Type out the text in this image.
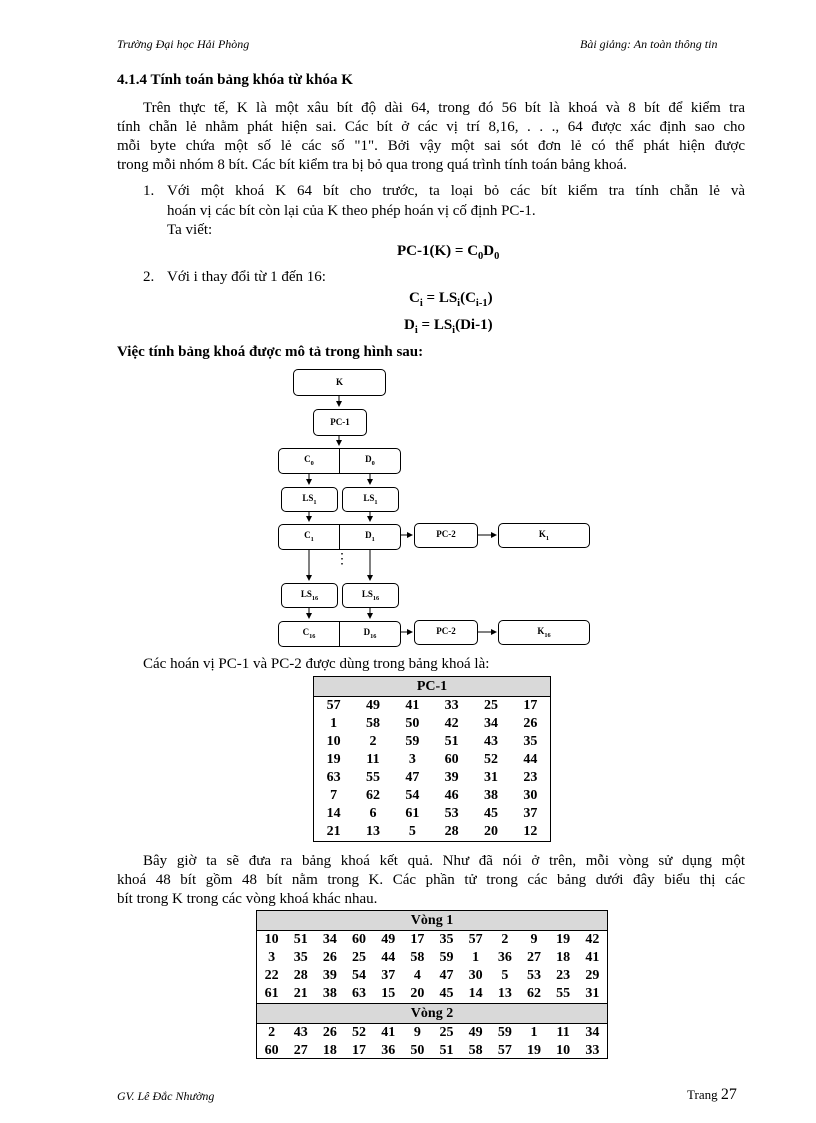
Trường Đại học Hải Phòng	Bài giảng: An toàn thông tin
4.1.4 Tính toán bảng khóa từ khóa K
Trên thực tế, K là một xâu bít độ dài 64, trong đó 56 bít là khoá và 8 bít để kiểm tra
tính chẵn lẻ nhằm phát hiện sai. Các bít ở các vị trí 8,16, . . ., 64 được xác định sao cho
mỗi byte chứa một số lẻ các số "1". Bởi vậy một sai sót đơn lẻ có thể phát hiện được
trong mỗi nhóm 8 bít. Các bít kiểm tra bị bỏ qua trong quá trình tính toán bảng khoá.
1. Với một khoá K 64 bít cho trước, ta loại bỏ các bít kiểm tra tính chẵn lẻ và
hoán vị các bít còn lại của K theo phép hoán vị cố định PC-1.
Ta viết:
$PC-1(K) = C_0D_0$
2. Với i thay đổi từ 1 đến 16:
$C_i = LS_i(C_{i-1})$
$D_i = LS_i(Di-1)$
Việc tính bảng khoá được mô tả trong hình sau:
K
PC-1
$C_0$	$D_0$
$LS_1$	$LS_1$
$C_1$	$D_1$
PC-2	$K_1$
⋮
$LS_{16}$	$LS_{16}$
$C_{16}$	$D_{16}$
PC-2	$K_{16}$
Các hoán vị PC-1 và PC-2 được dùng trong bảng khoá là:
PC-1					
57	49	41	33	25	17
1	58	50	42	34	26
10	2	59	51	43	35
19	11	3	60	52	44
63	55	47	39	31	23
7	62	54	46	38	30
14	6	61	53	45	37
21	13	5	28	20	12
Bây giờ ta sẽ đưa ra bảng khoá kết quả. Như đã nói ở trên, mỗi vòng sử dụng một
khoá 48 bít gồm 48 bít nằm trong K. Các phần tử trong các bảng dưới đây biểu thị các
bít trong K trong các vòng khoá khác nhau.
Vòng 1											
10	51	34	60	49	17	35	57	2	9	19	42
3	35	26	25	44	58	59	1	36	27	18	41
22	28	39	54	37	4	47	30	5	53	23	29
61	21	38	63	15	20	45	14	13	62	55	31
Vòng 2											
2	43	26	52	41	9	25	49	59	1	11	34
60	27	18	17	36	50	51	58	57	19	10	33
GV. Lê Đắc Nhường	Trang 27
